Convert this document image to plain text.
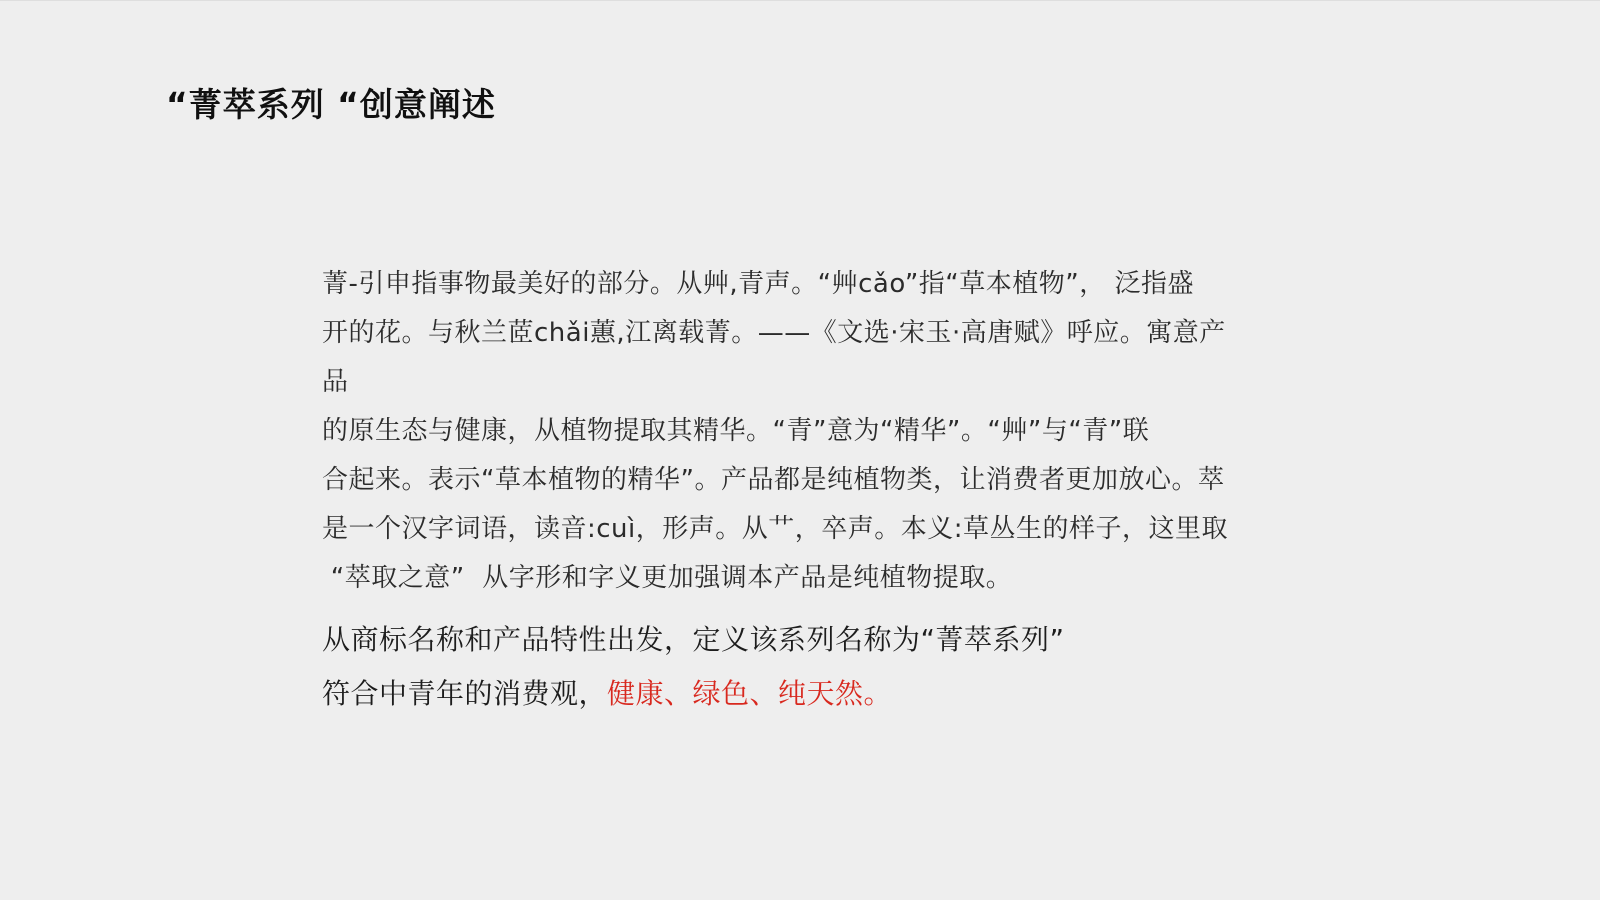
“菁萃系列 “创意阐述
菁-引申指事物最美好的部分。从艸,青声。“艸cǎo”指“草本植物”， 泛指盛
开的花。与秋兰茝chǎi蕙,江离载菁。——《文选·宋玉·高唐赋》呼应。寓意产品
的原生态与健康，从植物提取其精华。“青”意为“精华”。“艸”与“青”联
合起来。表示“草本植物的精华”。产品都是纯植物类，让消费者更加放心。萃
是一个汉字词语，读音:cuì，形声。从艹，卒声。本义:草丛生的样子，这里取
“萃取之意”  从字形和字义更加强调本产品是纯植物提取。
从商标名称和产品特性出发，定义该系列名称为“菁萃系列”
符合中青年的消费观，健康、绿色、纯天然。
